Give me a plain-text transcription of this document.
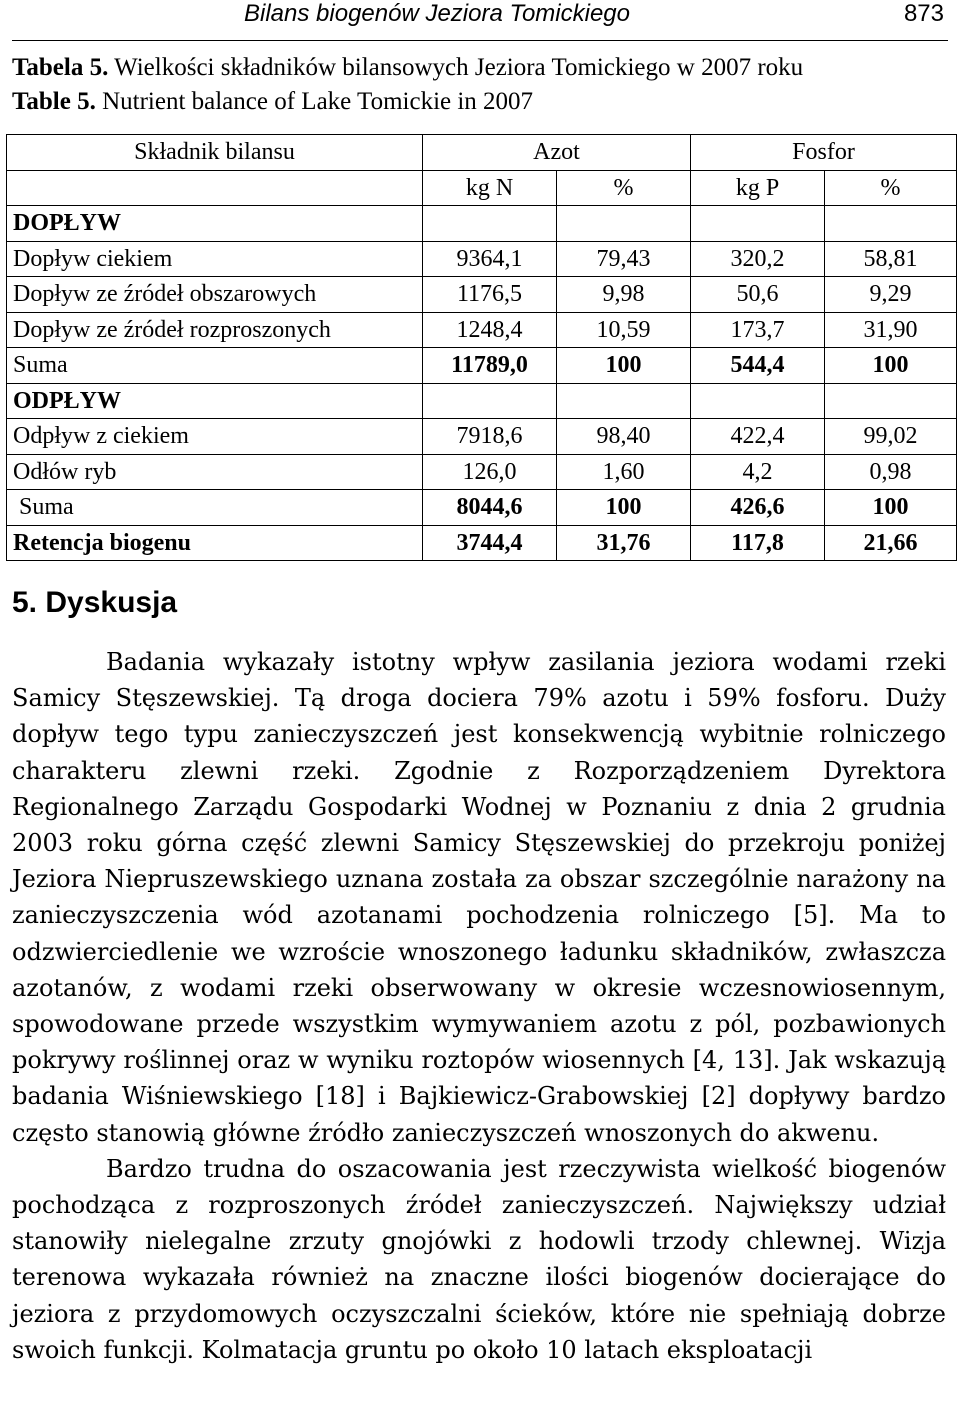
Bilans biogenów Jeziora Tomickiego	873
Tabela 5. Wielkości składników bilansowych Jeziora Tomickiego w 2007 roku
Table 5. Nutrient balance of Lake Tomickie in 2007
Składnik bilansu	Azot		Fosfor	
	kg N	%	kg P	%
DOPŁYW				
Dopływ ciekiem	9364,1	79,43	320,2	58,81
Dopływ ze źródeł obszarowych	1176,5	9,98	50,6	9,29
Dopływ ze źródeł rozproszonych	1248,4	10,59	173,7	31,90
Suma	11789,0	100	544,4	100
ODPŁYW				
Odpływ z ciekiem	7918,6	98,40	422,4	99,02
Odłów ryb	126,0	1,60	4,2	0,98
Suma	8044,6	100	426,6	100
Retencja biogenu	3744,4	31,76	117,8	21,66
5. Dyskusja

Badania wykazały istotny wpływ zasilania jeziora wodami rzeki Samicy Stęszewskiej. Tą droga dociera 79% azotu i 59% fosforu. Duży dopływ tego typu zanieczyszczeń jest konsekwencją wybitnie rolniczego charakteru zlewni rzeki. Zgodnie z Rozporządzeniem Dyrektora Regionalnego Zarządu Gospodarki Wodnej w Poznaniu z dnia 2 grudnia 2003 roku górna część zlewni Samicy Stęszewskiej do przekroju poniżej Jeziora Niepruszewskiego uznana została za obszar szczególnie narażony na zanieczyszczenia wód azotanami pochodzenia rolniczego [5]. Ma to odzwierciedlenie we wzroście wnoszonego ładunku składników, zwłaszcza azotanów, z wodami rzeki obserwowany w okresie wczesnowiosennym, spowodowane przede wszystkim wymywaniem azotu z pól, pozbawionych pokrywy roślinnej oraz w wyniku roztopów wiosennych [4, 13]. Jak wskazują badania Wiśniewskiego [18] i Bajkiewicz-Grabowskiej [2] dopływy bardzo często stanowią główne źródło zanieczyszczeń wnoszonych do akwenu.

Bardzo trudna do oszacowania jest rzeczywista wielkość biogenów pochodząca z rozproszonych źródeł zanieczyszczeń. Największy udział stanowiły nielegalne zrzuty gnojówki z hodowli trzody chlewnej. Wizja terenowa wykazała również na znaczne ilości biogenów docierające do jeziora z przydomowych oczyszczalni ścieków, które nie spełniają dobrze swoich funkcji. Kolmatacja gruntu po około 10 latach eksploatacji
